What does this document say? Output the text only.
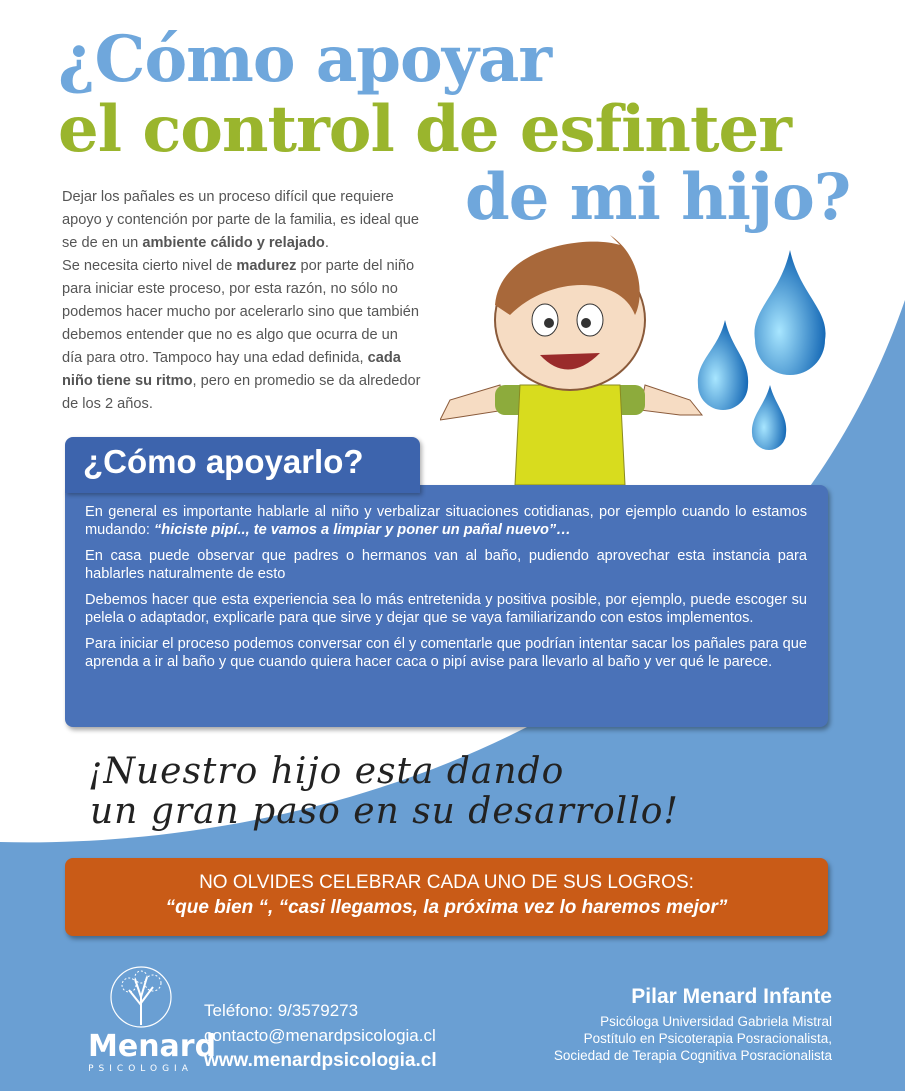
¿Cómo apoyar
el control de esfinter
de mi hijo?
Dejar los pañales es un proceso difícil que requiere apoyo y contención por parte de la familia, es ideal que se de en un ambiente cálido y relajado.
Se necesita cierto nivel de madurez por parte del niño para iniciar este proceso, por esta razón, no sólo no podemos hacer mucho por acelerarlo sino que también debemos entender que no es algo que ocurra de un día para otro. Tampoco hay una edad definida, cada niño tiene su ritmo, pero en promedio se da alrededor de los 2 años.
¿Cómo apoyarlo?

En general es importante hablarle al niño y verbalizar situaciones cotidianas, por ejemplo cuando lo estamos mudando: “hiciste pipí.., te vamos a limpiar y poner un pañal nuevo”…

En casa puede observar que padres o hermanos van al baño, pudiendo aprovechar esta instancia para hablarles naturalmente de esto

Debemos hacer que esta experiencia sea lo más entretenida y positiva posible, por ejemplo, puede escoger su pelela o adaptador, explicarle para que sirve y dejar que se vaya familiarizando con estos implementos.

Para iniciar el proceso podemos conversar con él y comentarle que podrían intentar sacar los pañales para que aprenda a ir al baño y que cuando quiera hacer caca o pipí avise para llevarlo al baño y ver qué le parece.

¡Nuestro hijo esta dando
un gran paso en su desarrollo!
NO OLVIDES CELEBRAR CADA UNO DE SUS LOGROS:
“que bien “, “casi llegamos, la próxima vez lo haremos mejor”
Menard
PSICOLOGIA
Teléfono: 9/3579273
contacto@menardpsicologia.cl
www.menardpsicologia.cl
Pilar Menard Infante
Psicóloga Universidad Gabriela Mistral
Postítulo en Psicoterapia Posracionalista,
Sociedad de Terapia Cognitiva Posracionalista
